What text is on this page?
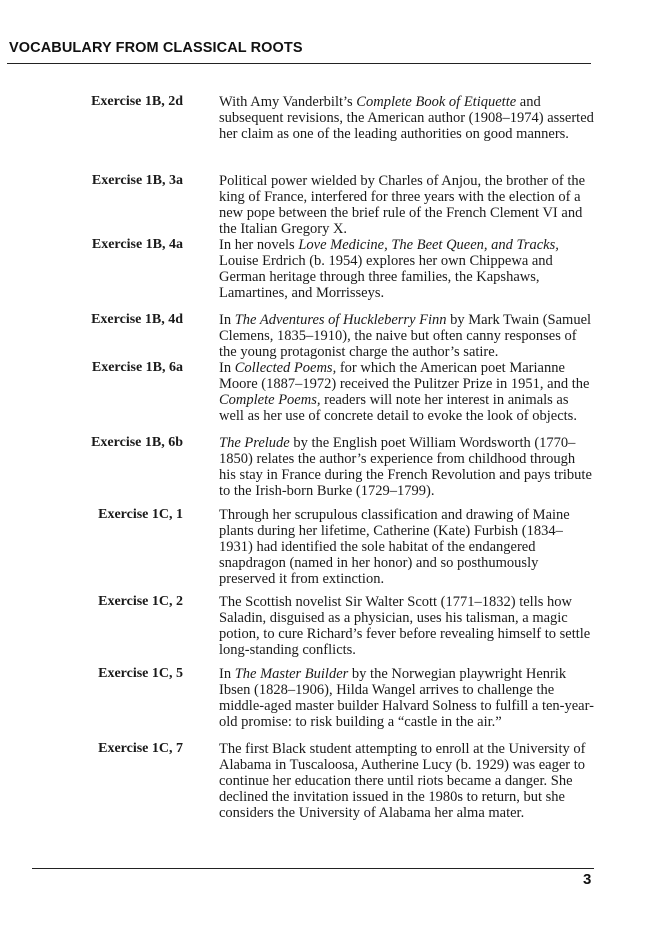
VOCABULARY FROM CLASSICAL ROOTS
Exercise 1B, 2d With Amy Vanderbilt’s Complete Book of Etiquette and subsequent revisions, the American author (1908–1974) asserted her claim as one of the leading authorities on good manners.
Exercise 1B, 3a Political power wielded by Charles of Anjou, the brother of the king of France, interfered for three years with the election of a new pope between the brief rule of the French Clement VI and the Italian Gregory X.
Exercise 1B, 4a In her novels Love Medicine, The Beet Queen, and Tracks, Louise Erdrich (b. 1954) explores her own Chippewa and German heritage through three families, the Kapshaws, Lamartines, and Morrisseys.
Exercise 1B, 4d In The Adventures of Huckleberry Finn by Mark Twain (Samuel Clemens, 1835–1910), the naive but often canny responses of the young protagonist charge the author’s satire.
Exercise 1B, 6a In Collected Poems, for which the American poet Marianne Moore (1887–1972) received the Pulitzer Prize in 1951, and the Complete Poems, readers will note her interest in animals as well as her use of concrete detail to evoke the look of objects.
Exercise 1B, 6b The Prelude by the English poet William Wordsworth (1770–1850) relates the author’s experience from childhood through his stay in France during the French Revolution and pays tribute to the Irish-born Burke (1729–1799).
Exercise 1C, 1 Through her scrupulous classification and drawing of Maine plants during her lifetime, Catherine (Kate) Furbish (1834–1931) had identified the sole habitat of the endangered snapdragon (named in her honor) and so posthumously preserved it from extinction.
Exercise 1C, 2 The Scottish novelist Sir Walter Scott (1771–1832) tells how Saladin, disguised as a physician, uses his talisman, a magic potion, to cure Richard’s fever before revealing himself to settle long-standing conflicts.
Exercise 1C, 5 In The Master Builder by the Norwegian playwright Henrik Ibsen (1828–1906), Hilda Wangel arrives to challenge the middle-aged master builder Halvard Solness to fulfill a ten-year-old promise: to risk building a “castle in the air.”
Exercise 1C, 7 The first Black student attempting to enroll at the University of Alabama in Tuscaloosa, Autherine Lucy (b. 1929) was eager to continue her education there until riots became a danger. She declined the invitation issued in the 1980s to return, but she considers the University of Alabama her alma mater.
3
